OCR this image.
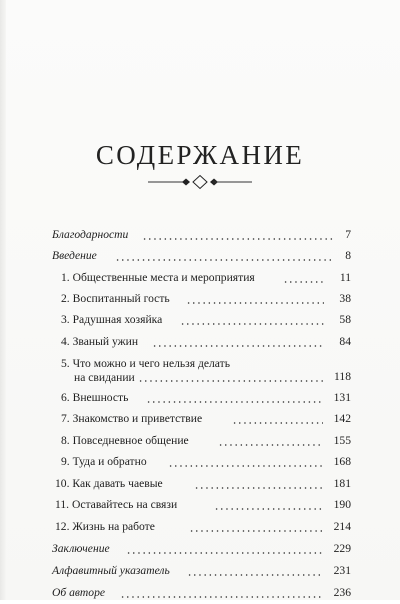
СОДЕРЖАНИЕ
Благодарности	7
Введение	8
1. Общественные места и мероприятия	11
2. Воспитанный гость	38
3. Радушная хозяйка	58
4. Званый ужин	84
5. Что можно и чего нельзя делать
на свидании	118
6. Внешность	131
7. Знакомство и приветствие	142
8. Повседневное общение	155
9. Туда и обратно	168
10. Как давать чаевые	181
11. Оставайтесь на связи	190
12. Жизнь на работе	214
Заключение	229
Алфавитный указатель	231
Об авторе	236
